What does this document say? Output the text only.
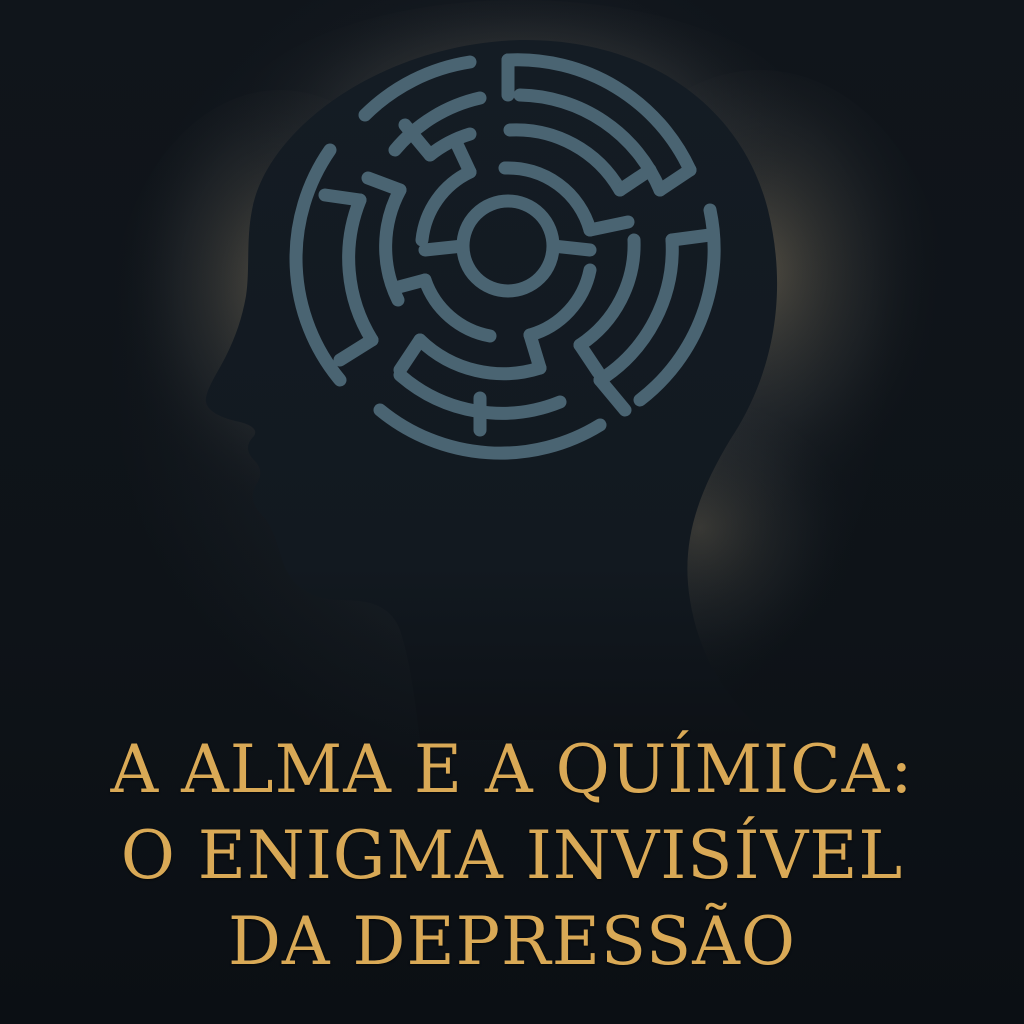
A ALMA E A QUÍMICA:
O ENIGMA INVISÍVEL
DA DEPRESSÃO
